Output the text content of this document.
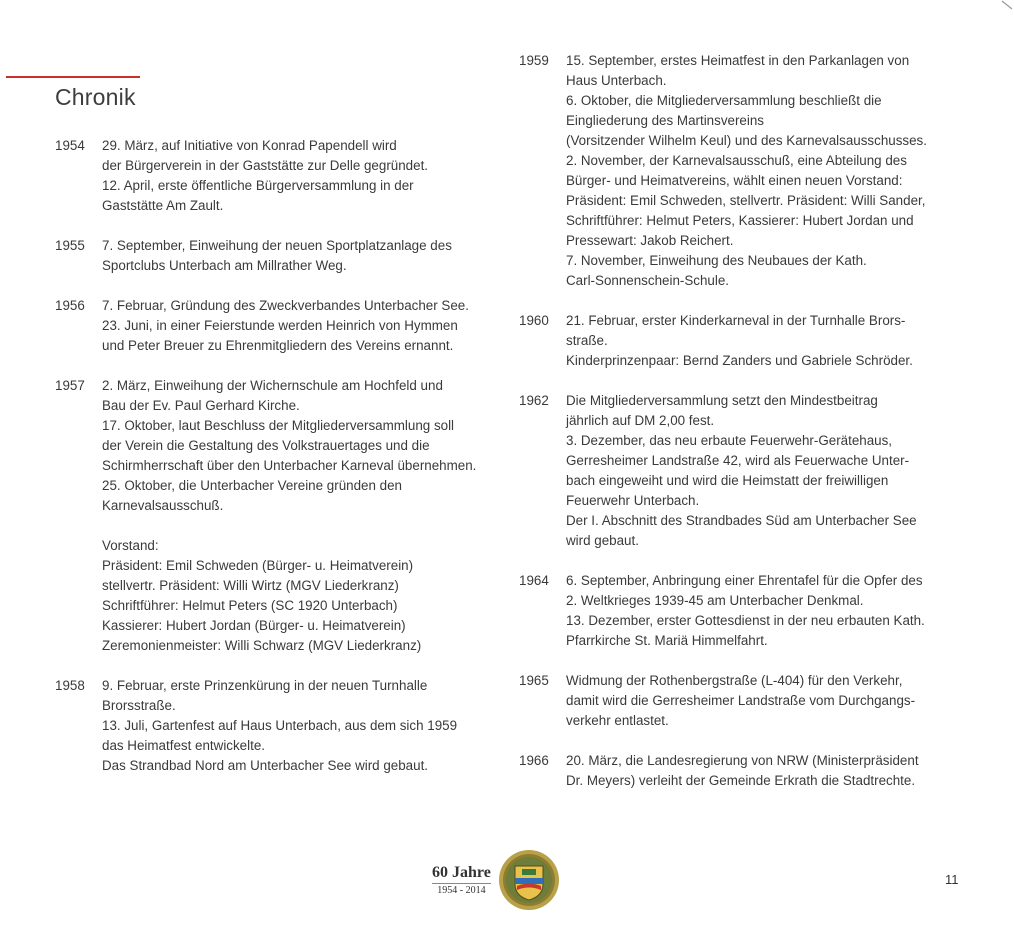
Chronik
1954	29. März, auf Initiative von Konrad Papendell wird
der Bürgerverein in der Gaststätte zur Delle gegründet.
12. April, erste öffentliche Bürgerversammlung in der
Gaststätte Am Zault.
1955	7. September, Einweihung der neuen Sportplatzanlage des
Sportclubs Unterbach am Millrather Weg.
1956	7. Februar, Gründung des Zweckverbandes Unterbacher See.
23. Juni, in einer Feierstunde werden Heinrich von Hymmen
und Peter Breuer zu Ehrenmitgliedern des Vereins ernannt.
1957	2. März, Einweihung der Wichernschule am Hochfeld und
Bau der Ev. Paul Gerhard Kirche.
17. Oktober, laut Beschluss der Mitgliederversammlung soll
der Verein die Gestaltung des Volkstrauertages und die
Schirmherrschaft über den Unterbacher Karneval übernehmen.
25. Oktober, die Unterbacher Vereine gründen den
Karnevalsausschuß.
Vorstand:
Präsident: Emil Schweden (Bürger- u. Heimatverein)
stellvertr. Präsident: Willi Wirtz (MGV Liederkranz)
Schriftführer: Helmut Peters (SC 1920 Unterbach)
Kassierer: Hubert Jordan (Bürger- u. Heimatverein)
Zeremonienmeister: Willi Schwarz (MGV Liederkranz)
1958	9. Februar, erste Prinzenkürung in der neuen Turnhalle
Brorsstraße.
13. Juli, Gartenfest auf Haus Unterbach, aus dem sich 1959
das Heimatfest entwickelte.
Das Strandbad Nord am Unterbacher See wird gebaut.
1959	15. September, erstes Heimatfest in den Parkanlagen von
Haus Unterbach.
6. Oktober, die Mitgliederversammlung beschließt die
Eingliederung des Martinsvereins
(Vorsitzender Wilhelm Keul) und des Karnevalsausschusses.
2. November, der Karnevalsausschuß, eine Abteilung des
Bürger- und Heimatvereins, wählt einen neuen Vorstand:
Präsident: Emil Schweden, stellvertr. Präsident: Willi Sander,
Schriftführer: Helmut Peters, Kassierer: Hubert Jordan und
Pressewart: Jakob Reichert.
7. November, Einweihung des Neubaues der Kath.
Carl-Sonnenschein-Schule.
1960	21. Februar, erster Kinderkarneval in der Turnhalle Brors-
straße.
Kinderprinzenpaar: Bernd Zanders und Gabriele Schröder.
1962	Die Mitgliederversammlung setzt den Mindestbeitrag
jährlich auf DM 2,00 fest.
3. Dezember, das neu erbaute Feuerwehr-Gerätehaus,
Gerresheimer Landstraße 42, wird als Feuerwache Unter-
bach eingeweiht und wird die Heimstatt der freiwilligen
Feuerwehr Unterbach.
Der I. Abschnitt des Strandbades Süd am Unterbacher See
wird gebaut.
1964	6. September, Anbringung einer Ehrentafel für die Opfer des
2. Weltkrieges 1939-45 am Unterbacher Denkmal.
13. Dezember, erster Gottesdienst in der neu erbauten Kath.
Pfarrkirche St. Mariä Himmelfahrt.
1965	Widmung der Rothenbergstraße (L-404) für den Verkehr,
damit wird die Gerresheimer Landstraße vom Durchgangs-
verkehr entlastet.
1966	20. März, die Landesregierung von NRW (Ministerpräsident
Dr. Meyers) verleiht der Gemeinde Erkrath die Stadtrechte.
60 Jahre
1954 - 2014
11
